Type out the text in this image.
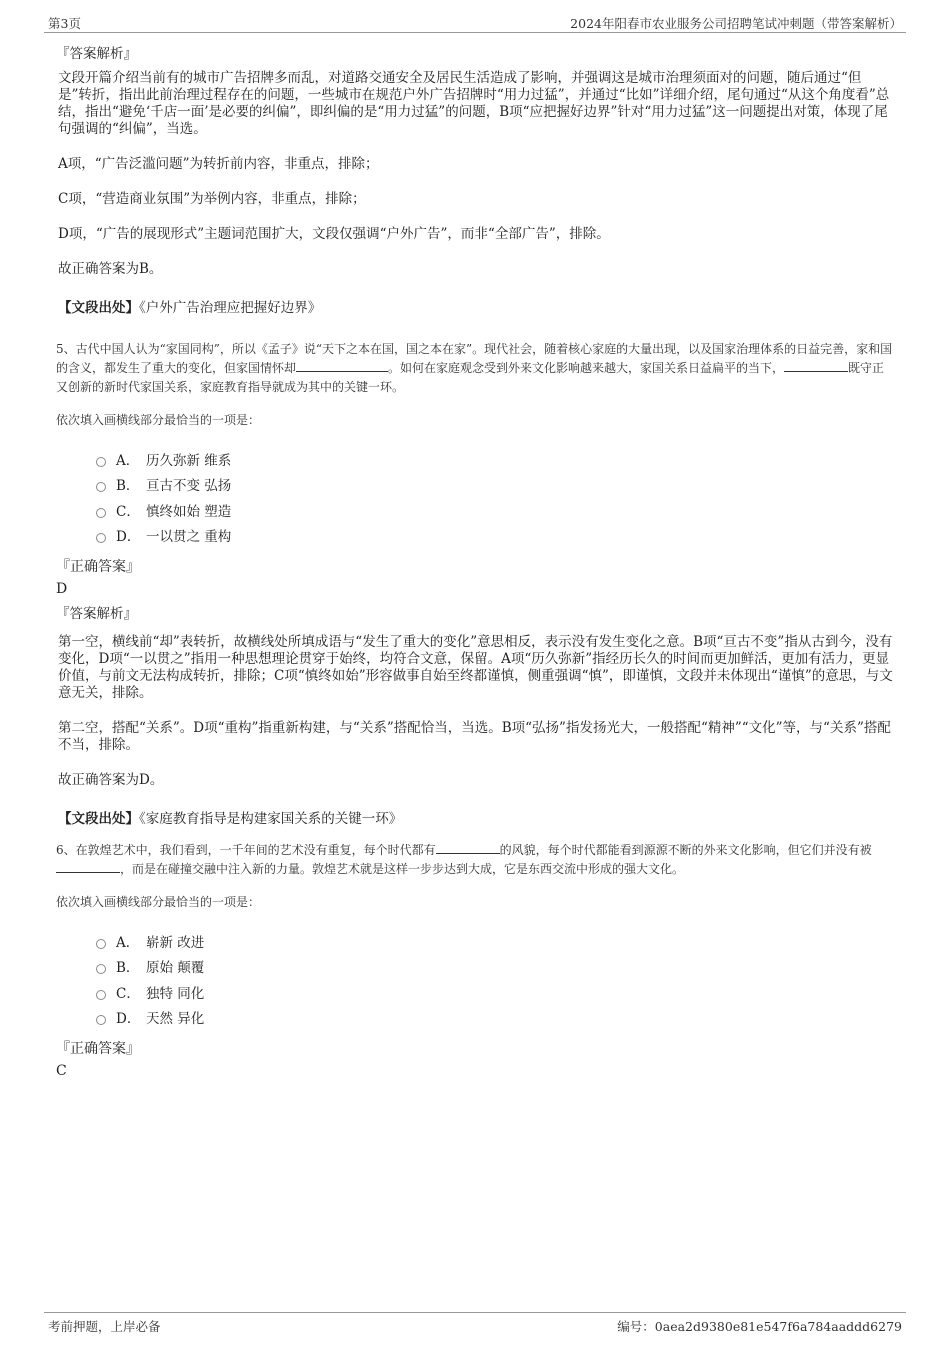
第3页	2024年阳春市农业服务公司招聘笔试冲刺题（带答案解析）
『答案解析』

文段开篇介绍当前有的城市广告招牌多而乱，对道路交通安全及居民生活造成了影响，并强调这是城市治理须面对的问题，随后通过“但是”转折，指出此前治理过程存在的问题，一些城市在规范户外广告招牌时“用力过猛”，并通过“比如”详细介绍，尾句通过“从这个角度看”总结，指出“避免‘千店一面’是必要的纠偏”，即纠偏的是“用力过猛”的问题，B项“应把握好边界”针对“用力过猛”这一问题提出对策，体现了尾句强调的“纠偏”，当选。

A项，“广告泛滥问题”为转折前内容，非重点，排除；

C项，“营造商业氛围”为举例内容，非重点，排除；

D项，“广告的展现形式”主题词范围扩大，文段仅强调“户外广告”，而非“全部广告”，排除。

故正确答案为B。

【文段出处】《户外广告治理应把握好边界》

5、古代中国人认为“家国同构”，所以《孟子》说“天下之本在国，国之本在家”。现代社会，随着核心家庭的大量出现，以及国家治理体系的日益完善，家和国的含义，都发生了重大的变化，但家国情怀却	。如何在家庭观念受到外来文化影响越来越大，家国关系日益扁平的当下，	既守正又创新的新时代家国关系，家庭教育指导就成为其中的关键一环。
依次填入画横线部分最恰当的一项是：
A． 历久弥新 维系
B． 亘古不变 弘扬
C． 慎终如始 塑造
D． 一以贯之 重构
『正确答案』
D
『答案解析』

第一空，横线前“却”表转折，故横线处所填成语与“发生了重大的变化”意思相反，表示没有发生变化之意。B项“亘古不变”指从古到今，没有变化，D项“一以贯之”指用一种思想理论贯穿于始终，均符合文意，保留。A项“历久弥新”指经历长久的时间而更加鲜活，更加有活力，更显价值，与前文无法构成转折，排除；C项“慎终如始”形容做事自始至终都谨慎，侧重强调“慎”，即谨慎，文段并未体现出“谨慎”的意思，与文意无关，排除。

第二空，搭配“关系”。D项“重构”指重新构建，与“关系”搭配恰当，当选。B项“弘扬”指发扬光大，一般搭配“精神”“文化”等，与“关系”搭配不当，排除。

故正确答案为D。

【文段出处】《家庭教育指导是构建家国关系的关键一环》

6、在敦煌艺术中，我们看到，一千年间的艺术没有重复，每个时代都有	的风貌，每个时代都能看到源源不断的外来文化影响，但它们并没有被，而是在碰撞交融中注入新的力量。敦煌艺术就是这样一步步达到大成，它是东西交流中形成的强大文化。
依次填入画横线部分最恰当的一项是：
A． 崭新 改进
B． 原始 颠覆
C． 独特 同化
D． 天然 异化
『正确答案』
C
考前押题，上岸必备	编号：0aea2d9380e81e547f6a784aaddd6279
